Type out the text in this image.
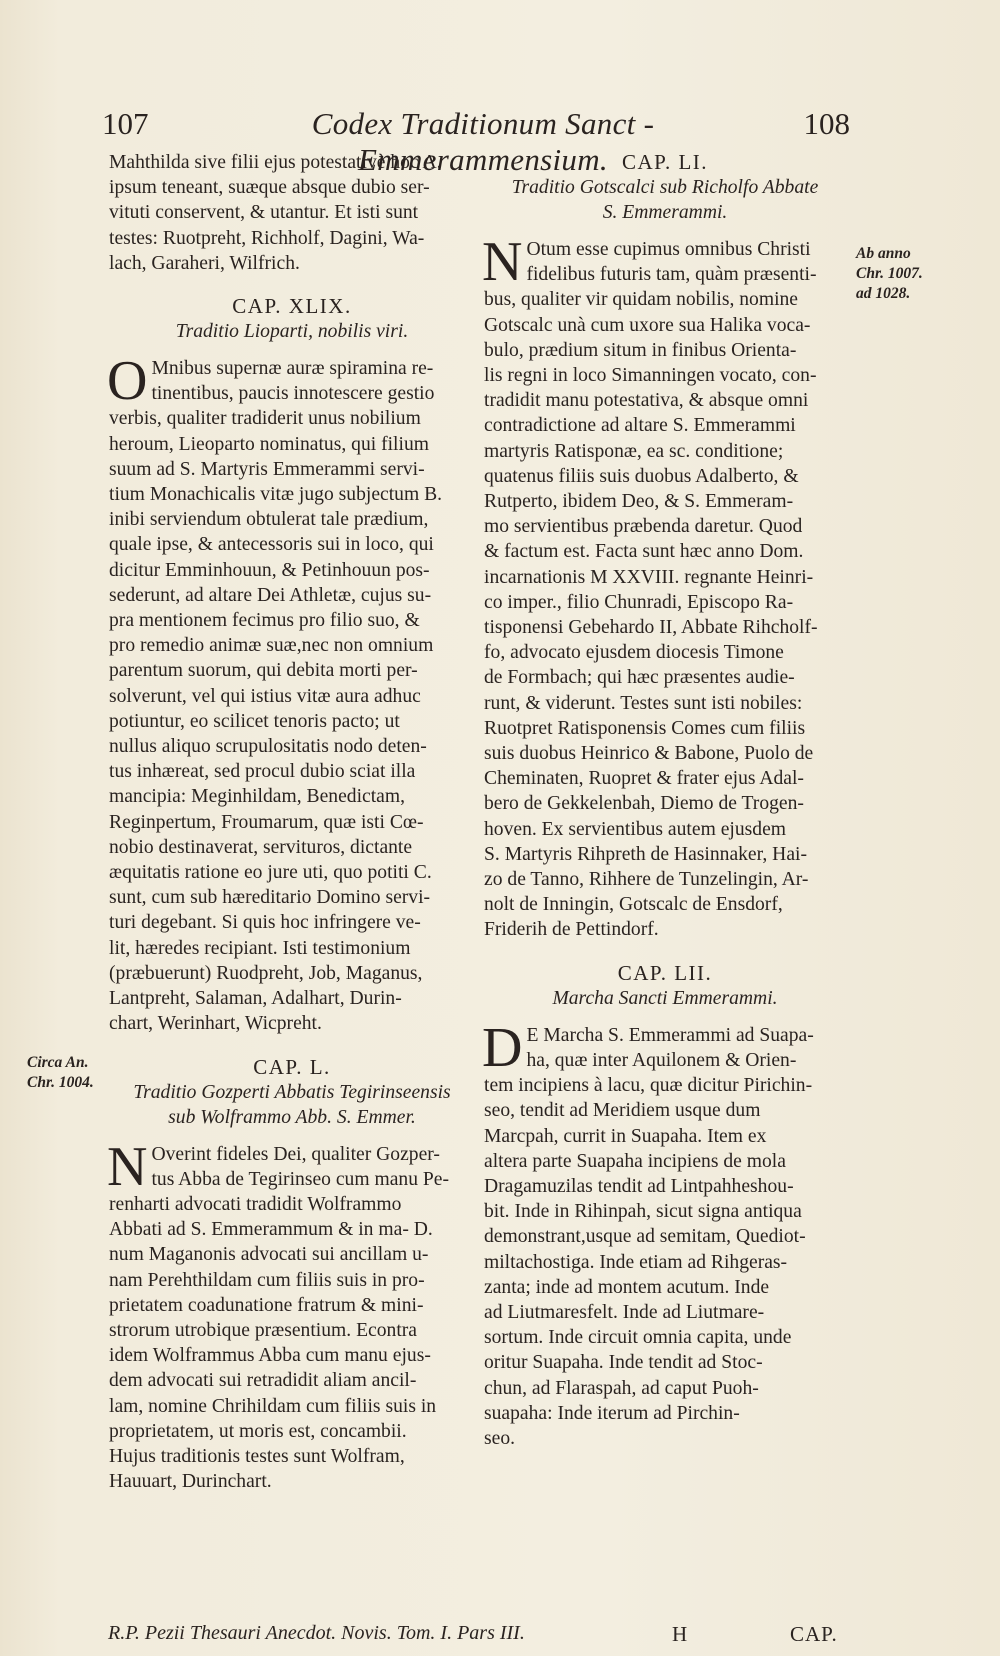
107	Codex Traditionum Sanct - Emmerammensium.
108
Mahthilda sive filii ejus potestativè hoc A.
ipsum teneant, suæque absque dubio ser-
vituti conservent, & utantur. Et isti sunt
testes: Ruotpreht, Richholf, Dagini, Wa-
lach, Garaheri, Wilfrich.

CAP. XLIX.

Traditio Lioparti, nobilis viri.

O Mnibus supernæ auræ spiramina re-
tinentibus, paucis innotescere gestio
verbis, qualiter tradiderit unus nobilium
heroum, Lieoparto nominatus, qui filium
suum ad S. Martyris Emmerammi servi-
tium Monachicalis vitæ jugo subjectum B.
inibi serviendum obtulerat tale prædium,
quale ipse, & antecessoris sui in loco, qui
dicitur Emminhouun, & Petinhouun pos-
sederunt, ad altare Dei Athletæ, cujus su-
pra mentionem fecimus pro filio suo, &
pro remedio animæ suæ,nec non omnium
parentum suorum, qui debita morti per-
solverunt, vel qui istius vitæ aura adhuc
potiuntur, eo scilicet tenoris pacto; ut
nullus aliquo scrupulositatis nodo deten-
tus inhæreat, sed procul dubio sciat illa
mancipia: Meginhildam, Benedictam,
Reginpertum, Froumarum, quæ isti Cœ-
nobio destinaverat, servituros, dictante
æquitatis ratione eo jure uti, quo potiti C.
sunt, cum sub hæreditario Domino servi-
turi degebant. Si quis hoc infringere ve-
lit, hæredes recipiant. Isti testimonium
(præbuerunt) Ruodpreht, Job, Maganus,
Lantpreht, Salaman, Adalhart, Durin-
chart, Werinhart, Wicpreht.

CAP. L.

Traditio Gozperti Abbatis Tegirinseensis

sub Wolframmo Abb. S. Emmer.

N Overint fideles Dei, qualiter Gozper-
tus Abba de Tegirinseo cum manu Pe-
renharti advocati tradidit Wolframmo
Abbati ad S. Emmerammum & in ma- D.
num Maganonis advocati sui ancillam u-
nam Perehthildam cum filiis suis in pro-
prietatem coadunatione fratrum & mini-
strorum utrobique præsentium. Econtra
idem Wolframmus Abba cum manu ejus-
dem advocati sui retradidit aliam ancil-
lam, nomine Chrihildam cum filiis suis in
proprietatem, ut moris est, concambii.
Hujus traditionis testes sunt Wolfram,
Hauuart, Durinchart.

CAP. LI.

Traditio Gotscalci sub Richolfo Abbate

S. Emmerammi.

N Otum esse cupimus omnibus Christi
fidelibus futuris tam, quàm præsenti-
bus, qualiter vir quidam nobilis, nomine
Gotscalc unà cum uxore sua Halika voca-
bulo, prædium situm in finibus Orienta-
lis regni in loco Simanningen vocato, con-
tradidit manu potestativa, & absque omni
contradictione ad altare S. Emmerammi
martyris Ratisponæ, ea sc. conditione;
quatenus filiis suis duobus Adalberto, &
Rutperto, ibidem Deo, & S. Emmeram-
mo servientibus præbenda daretur. Quod
& factum est. Facta sunt hæc anno Dom.
incarnationis M XXVIII. regnante Heinri-
co imper., filio Chunradi, Episcopo Ra-
tisponensi Gebehardo II, Abbate Rihcholf-
fo, advocato ejusdem diocesis Timone
de Formbach; qui hæc præsentes audie-
runt, & viderunt. Testes sunt isti nobiles:
Ruotpret Ratisponensis Comes cum filiis
suis duobus Heinrico & Babone, Puolo de
Cheminaten, Ruopret & frater ejus Adal-
bero de Gekkelenbah, Diemo de Trogen-
hoven. Ex servientibus autem ejusdem
S. Martyris Rihpreth de Hasinnaker, Hai-
zo de Tanno, Rihhere de Tunzelingin, Ar-
nolt de Inningin, Gotscalc de Ensdorf,
Friderih de Pettindorf.

CAP. LII.

Marcha Sancti Emmerammi.

D E Marcha S. Emmerammi ad Suapa-
ha, quæ inter Aquilonem & Orien-
tem incipiens à lacu, quæ dicitur Pirichin-
seo, tendit ad Meridiem usque dum
Marcpah, currit in Suapaha. Item ex
altera parte Suapaha incipiens de mola
Dragamuzilas tendit ad Lintpahheshou-
bit. Inde in Rihinpah, sicut signa antiqua
demonstrant,usque ad semitam, Quediot-
miltachostiga. Inde etiam ad Rihgeras-
zanta; inde ad montem acutum. Inde
ad Liutmaresfelt. Inde ad Liutmare-
sortum. Inde circuit omnia capita, unde
oritur Suapaha. Inde tendit ad Stoc-
chun, ad Flaraspah, ad caput Puoh-
suapaha: Inde iterum ad Pirchin-
seo.
Ab anno
Chr. 1007.
ad 1028.
Circa An.
Chr. 1004.
R.P. Pezii Thesauri Anecdot. Novis. Tom. I. Pars III.	H	CAP.
